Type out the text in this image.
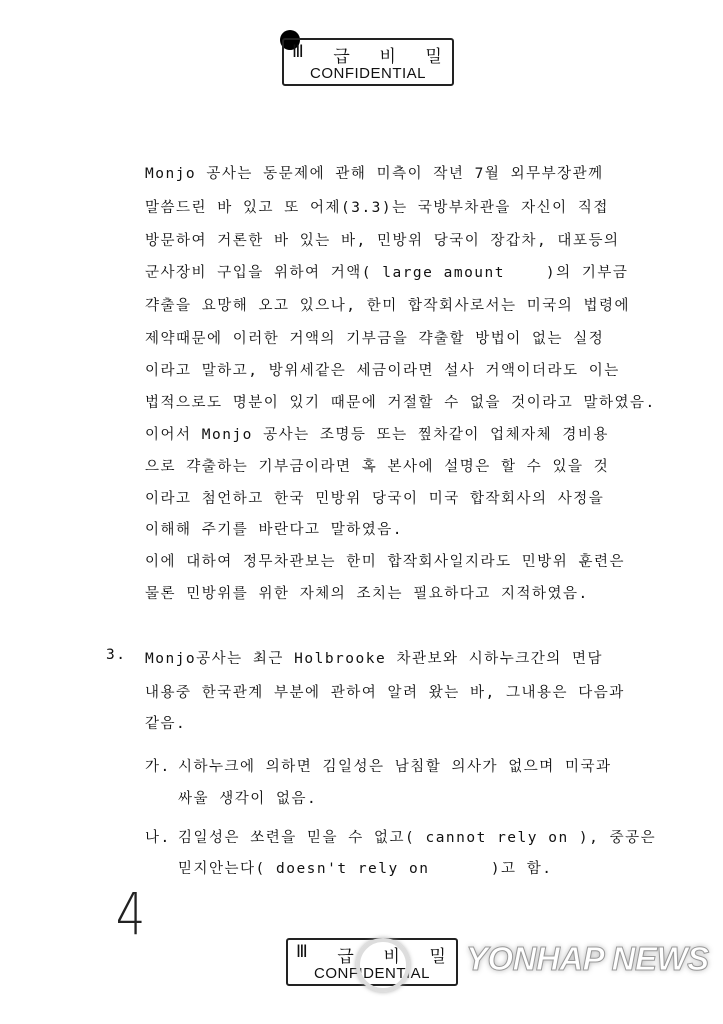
Ⅲ 급 비 밀
CONFIDENTIAL
Monjo 공사는 동문제에 관해 미측이 작년 7월 외무부장관께
말씀드린 바 있고 또 어제(3.3)는 국방부차관을 자신이 직접
방문하여 거론한 바 있는 바, 민방위 당국이 장갑차, 대포등의
군사장비 구입을 위하여 거액( large amount    )의 기부금
갹출을 요망해 오고 있으나, 한미 합작회사로서는 미국의 법령에
제약때문에 이러한 거액의 기부금을 갹출할 방법이 없는 실정
이라고 말하고, 방위세같은 세금이라면 설사 거액이더라도 이는
법적으로도 명분이 있기 때문에 거절할 수 없을 것이라고 말하였음.
이어서 Monjo 공사는 조명등 또는 찦차같이 업체자체 경비용
으로 갹출하는 기부금이라면 혹 본사에 설명은 할 수 있을 것
이라고 첨언하고 한국 민방위 당국이 미국 합작회사의 사정을
이해해 주기를 바란다고 말하였음.
이에 대하여 정무차관보는 한미 합작회사일지라도 민방위 훈련은
물론 민방위를 위한 자체의 조치는 필요하다고 지적하였음.
3. Monjo공사는 최근 Holbrooke 차관보와 시하누크간의 면담
내용중 한국관계 부분에 관하여 알려 왔는 바, 그내용은 다음과
같음.
가. 시하누크에 의하면 김일성은 남침할 의사가 없으며 미국과
싸울 생각이 없음.
나. 김일성은 쏘련을 믿을 수 없고( cannot rely on ), 중공은
믿지안는다( doesn't rely on      )고 함.
4
Ⅲ 급 비 밀
CONFIDENTIAL	YONHAP NEWS
